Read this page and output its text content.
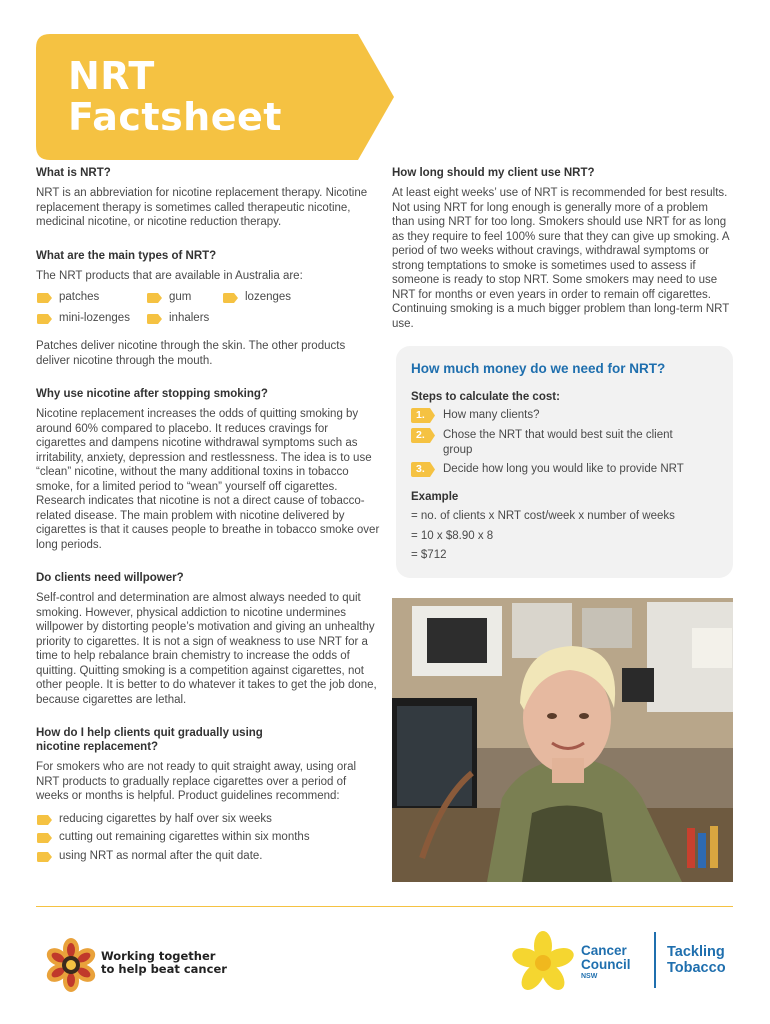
NRT
Factsheet
What is NRT?

NRT is an abbreviation for nicotine replacement therapy. Nicotine replacement therapy is sometimes called therapeutic nicotine, medicinal nicotine, or nicotine reduction therapy.

What are the main types of NRT?

The NRT products that are available in Australia are:

patches	gum	lozenges
mini-lozenges	inhalers

Patches deliver nicotine through the skin. The other products deliver nicotine through the mouth.

Why use nicotine after stopping smoking?

Nicotine replacement increases the odds of quitting smoking by around 60% compared to placebo. It reduces cravings for cigarettes and dampens nicotine withdrawal symptoms such as irritability, anxiety, depression and restlessness. The idea is to use “clean” nicotine, without the many additional toxins in tobacco smoke, for a limited period to “wean” yourself off cigarettes. Research indicates that nicotine is not a direct cause of tobacco-related disease. The main problem with nicotine delivered by cigarettes is that it causes people to breathe in tobacco smoke over long periods.

Do clients need willpower?

Self-control and determination are almost always needed to quit smoking. However, physical addiction to nicotine undermines willpower by distorting people’s motivation and giving an unhealthy priority to cigarettes. It is not a sign of weakness to use NRT for a time to help rebalance brain chemistry to increase the odds of quitting. Quitting smoking is a competition against cigarettes, not other people. It is better to do whatever it takes to get the job done, because cigarettes are lethal.

How do I help clients quit gradually using
nicotine replacement?

For smokers who are not ready to quit straight away, using oral NRT products to gradually replace cigarettes over a period of weeks or months is helpful. Product guidelines recommend:

reducing cigarettes by half over six weeks
cutting out remaining cigarettes within six months
using NRT as normal after the quit date.
How long should my client use NRT?

At least eight weeks’ use of NRT is recommended for best results. Not using NRT for long enough is generally more of a problem than using NRT for too long. Smokers should use NRT for as long as they require to feel 100% sure that they can give up smoking. A period of two weeks without cravings, withdrawal symptoms or strong temptations to smoke is sometimes used to assess if someone is ready to stop NRT. Some smokers may need to use NRT for months or even years in order to remain off cigarettes. Continuing smoking is a much bigger problem than long-term NRT use.

How much money do we need for NRT?
Steps to calculate the cost:
1. How many clients?
2. Chose the NRT that would best suit the client group
3. Decide how long you would like to provide NRT
Example
= no. of clients x NRT cost/week x number of weeks
= 10 x $8.90 x 8
= $712
Working together
to help beat cancer
Cancer
Council
NSW
Tackling
Tobacco
